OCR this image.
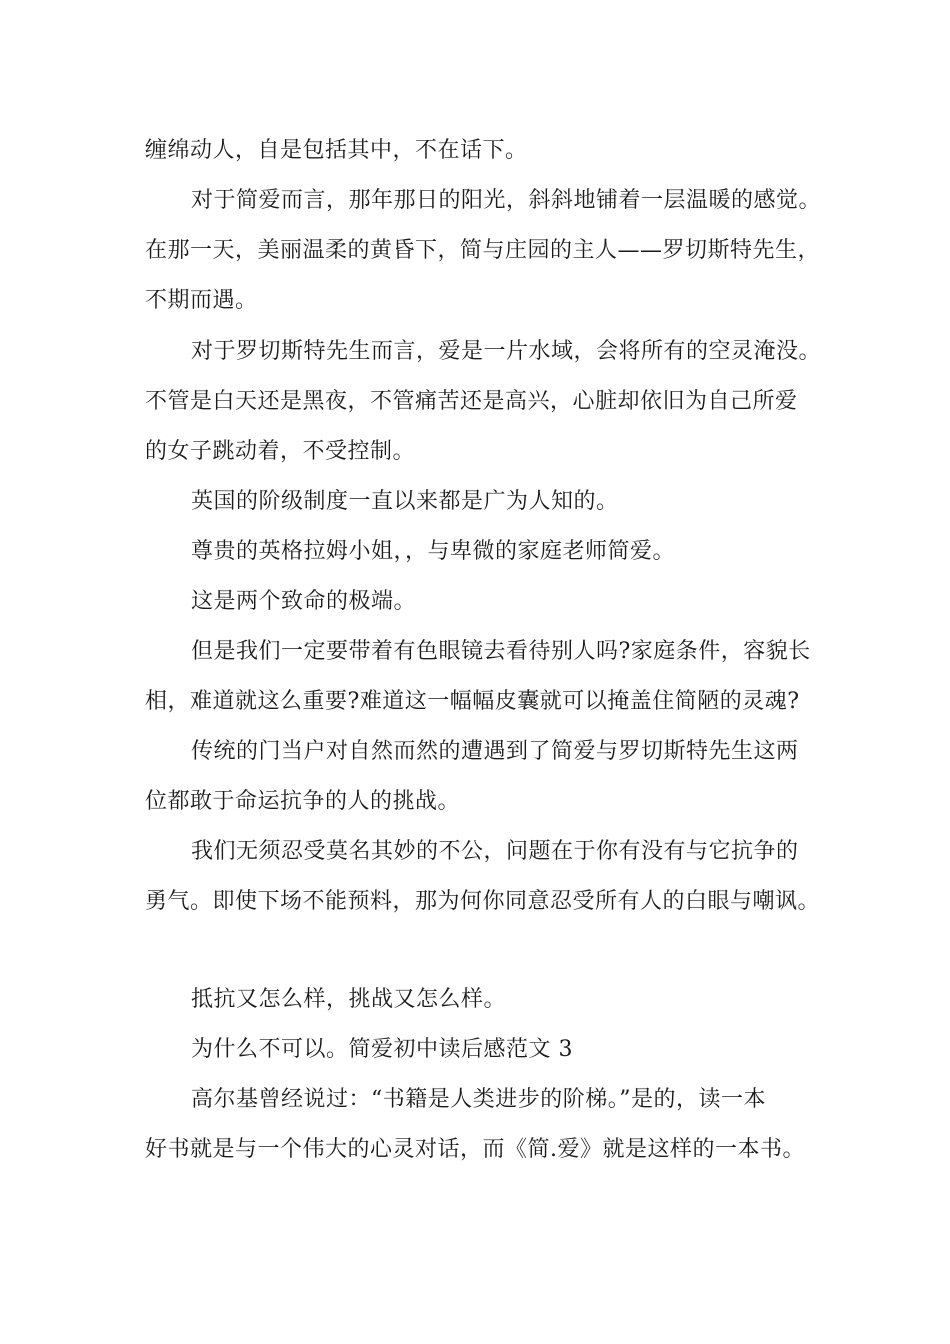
缠绵动人，自是包括其中，不在话下。
对于简爱而言，那年那日的阳光，斜斜地铺着一层温暖的感觉。
在那一天，美丽温柔的黄昏下，简与庄园的主人——罗切斯特先生，
不期而遇。
对于罗切斯特先生而言，爱是一片水域，会将所有的空灵淹没。
不管是白天还是黑夜，不管痛苦还是高兴，心脏却依旧为自己所爱
的女子跳动着，不受控制。
英国的阶级制度一直以来都是广为人知的。
尊贵的英格拉姆小姐，，与卑微的家庭老师简爱。
这是两个致命的极端。
但是我们一定要带着有色眼镜去看待别人吗?家庭条件，容貌长
相，难道就这么重要?难道这一幅幅皮囊就可以掩盖住简陋的灵魂?
传统的门当户对自然而然的遭遇到了简爱与罗切斯特先生这两
位都敢于命运抗争的人的挑战。
我们无须忍受莫名其妙的不公，问题在于你有没有与它抗争的
勇气。即使下场不能预料，那为何你同意忍受所有人的白眼与嘲讽。
抵抗又怎么样，挑战又怎么样。
为什么不可以。简爱初中读后感范文 3
高尔基曾经说过：“书籍是人类进步的阶梯。”是的，读一本
好书就是与一个伟大的心灵对话，而《简.爱》就是这样的一本书。
